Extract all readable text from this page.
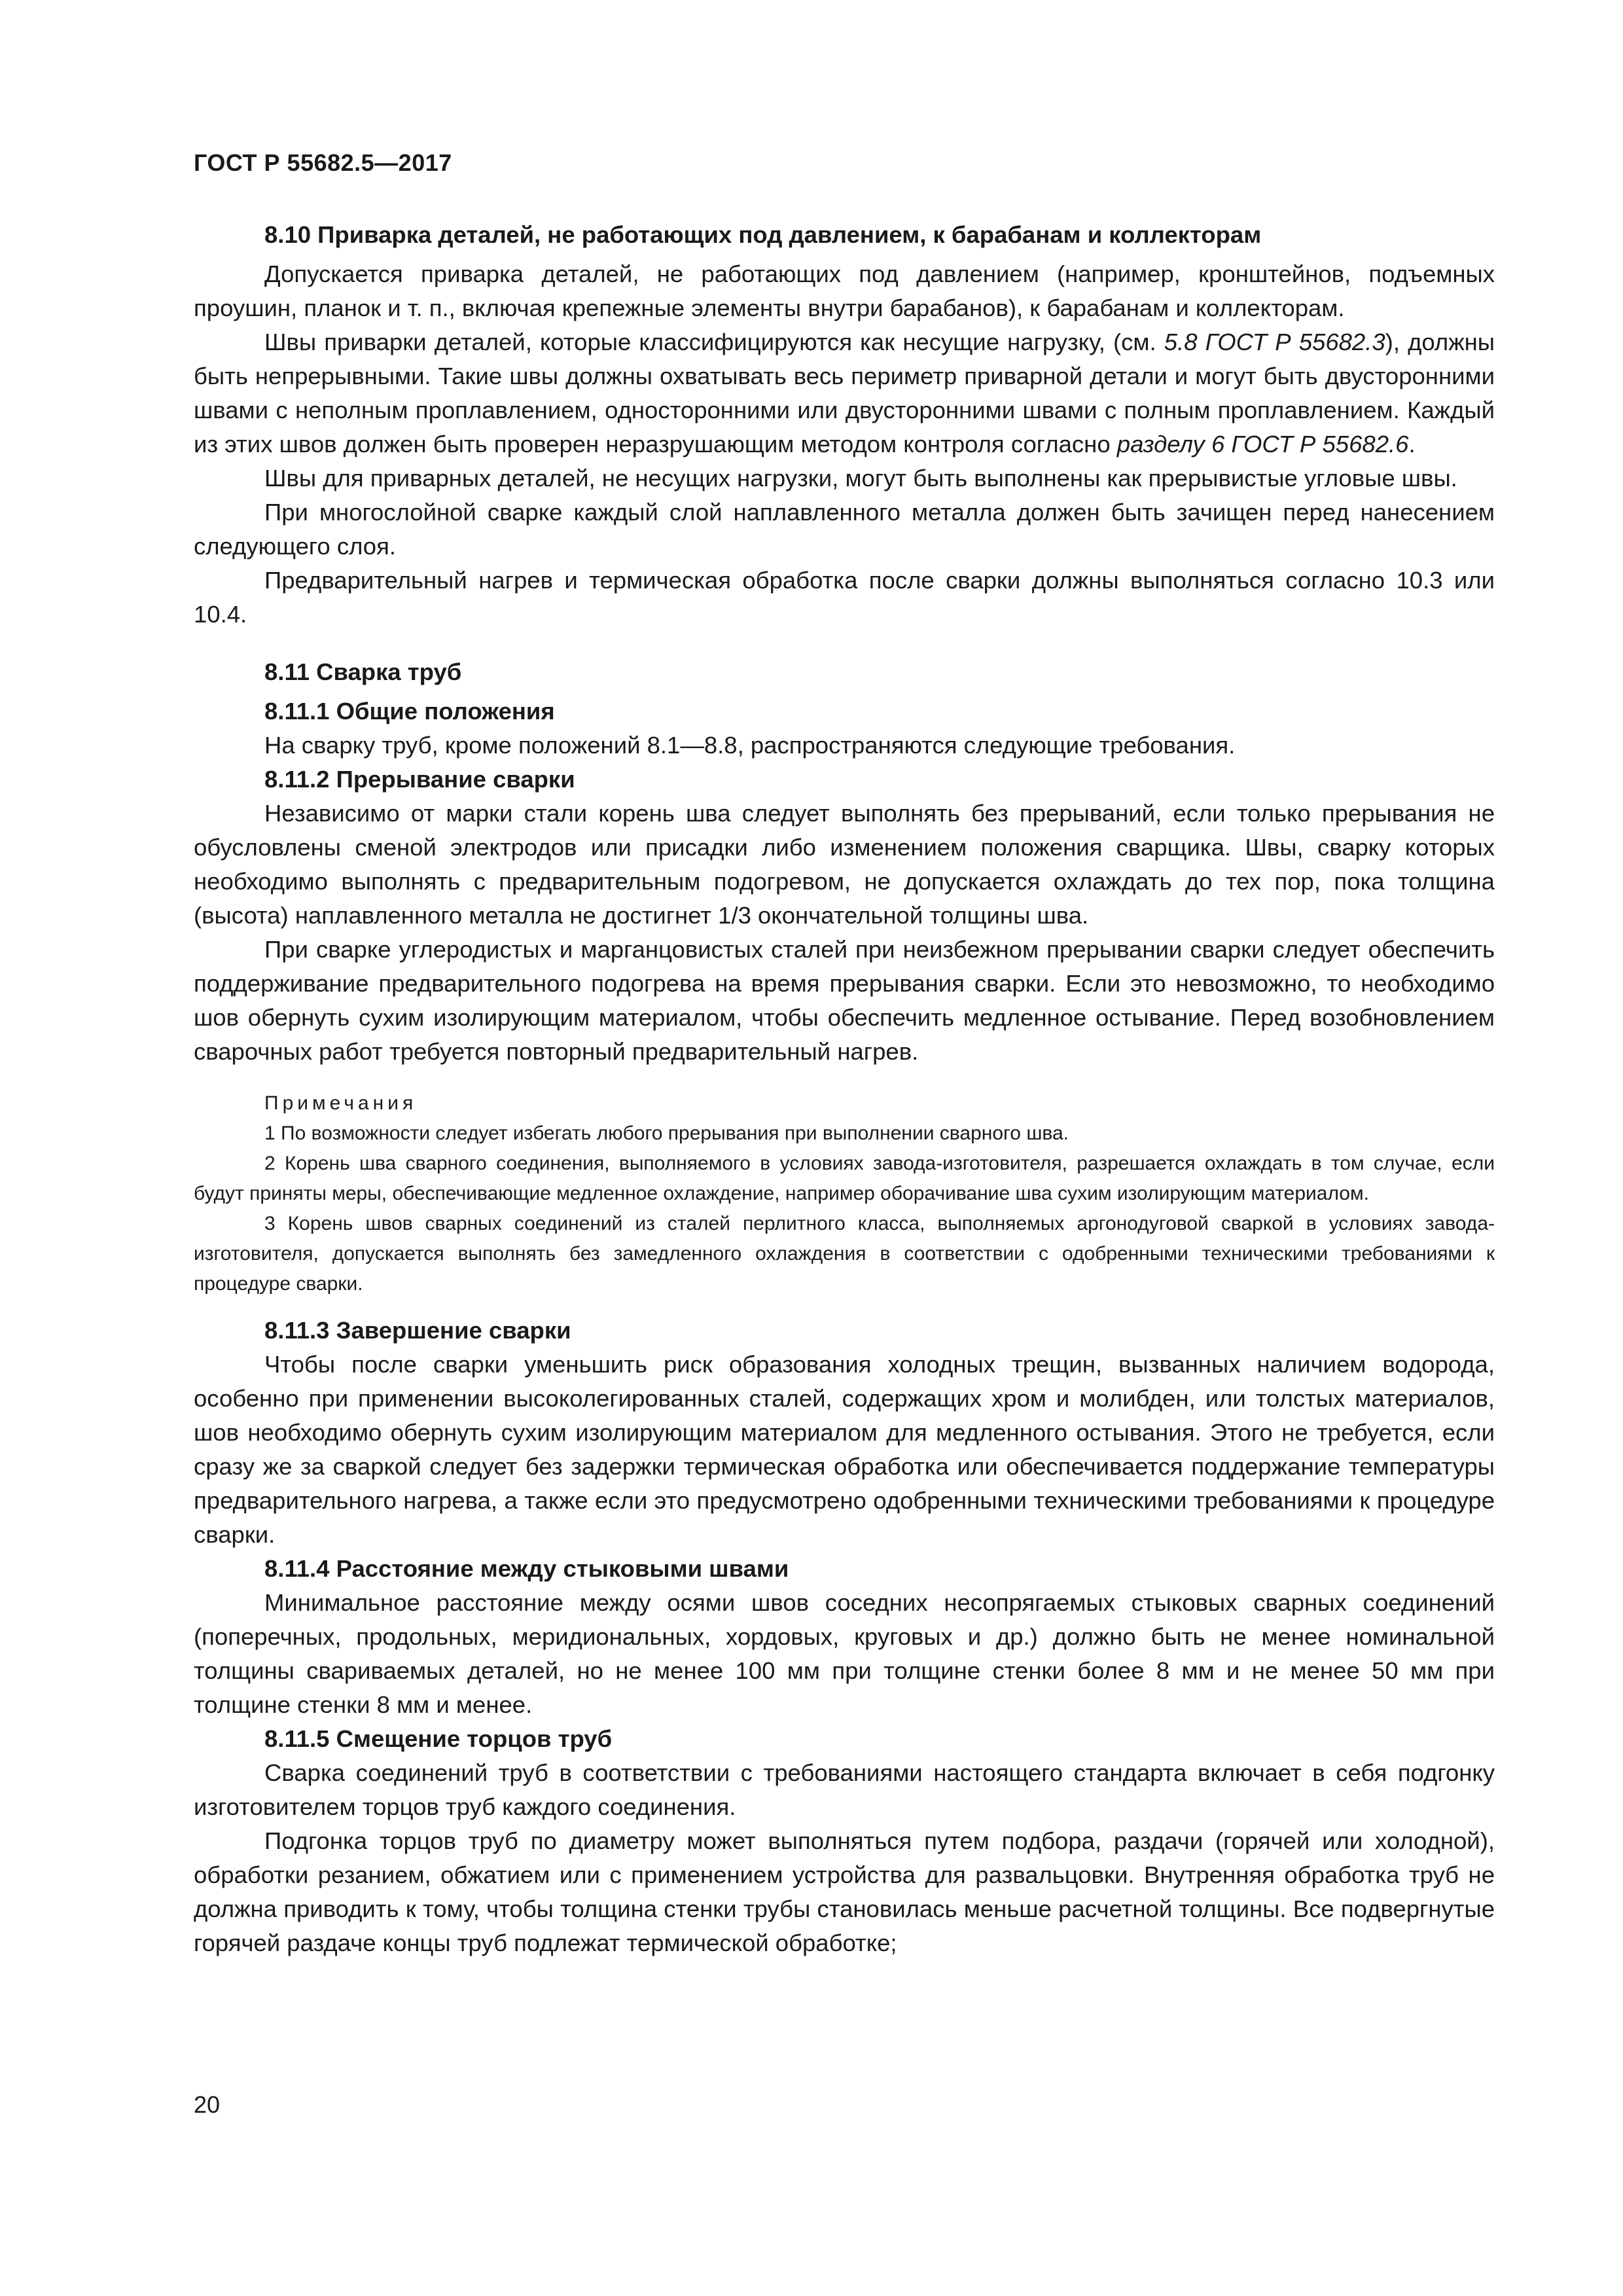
ГОСТ Р 55682.5—2017

8.10 Приварка деталей, не работающих под давлением, к барабанам и коллекторам

Допускается приварка деталей, не работающих под давлением (например, кронштейнов, подъемных проушин, планок и т. п., включая крепежные элементы внутри барабанов), к барабанам и коллекторам.

Швы приварки деталей, которые классифицируются как несущие нагрузку, (см. 5.8 ГОСТ Р 55682.3), должны быть непрерывными. Такие швы должны охватывать весь периметр приварной детали и могут быть двусторонними швами с неполным проплавлением, односторонними или двусторонними швами с полным проплавлением. Каждый из этих швов должен быть проверен неразрушающим методом контроля согласно разделу 6 ГОСТ Р 55682.6.

Швы для приварных деталей, не несущих нагрузки, могут быть выполнены как прерывистые угловые швы.

При многослойной сварке каждый слой наплавленного металла должен быть зачищен перед нанесением следующего слоя.

Предварительный нагрев и термическая обработка после сварки должны выполняться согласно 10.3 или 10.4.

8.11 Сварка труб

8.11.1 Общие положения

На сварку труб, кроме положений 8.1—8.8, распространяются следующие требования.

8.11.2 Прерывание сварки

Независимо от марки стали корень шва следует выполнять без прерываний, если только прерывания не обусловлены сменой электродов или присадки либо изменением положения сварщика. Швы, сварку которых необходимо выполнять с предварительным подогревом, не допускается охлаждать до тех пор, пока толщина (высота) наплавленного металла не достигнет 1/3 окончательной толщины шва.

При сварке углеродистых и марганцовистых сталей при неизбежном прерывании сварки следует обеспечить поддерживание предварительного подогрева на время прерывания сварки. Если это невозможно, то необходимо шов обернуть сухим изолирующим материалом, чтобы обеспечить медленное остывание. Перед возобновлением сварочных работ требуется повторный предварительный нагрев.

Примечания

1 По возможности следует избегать любого прерывания при выполнении сварного шва.

2 Корень шва сварного соединения, выполняемого в условиях завода-изготовителя, разрешается охлаждать в том случае, если будут приняты меры, обеспечивающие медленное охлаждение, например оборачивание шва сухим изолирующим материалом.

3 Корень швов сварных соединений из сталей перлитного класса, выполняемых аргонодуговой сваркой в условиях завода-изготовителя, допускается выполнять без замедленного охлаждения в соответствии с одобренными техническими требованиями к процедуре сварки.

8.11.3 Завершение сварки

Чтобы после сварки уменьшить риск образования холодных трещин, вызванных наличием водорода, особенно при применении высоколегированных сталей, содержащих хром и молибден, или толстых материалов, шов необходимо обернуть сухим изолирующим материалом для медленного остывания. Этого не требуется, если сразу же за сваркой следует без задержки термическая обработка или обеспечивается поддержание температуры предварительного нагрева, а также если это предусмотрено одобренными техническими требованиями к процедуре сварки.

8.11.4 Расстояние между стыковыми швами

Минимальное расстояние между осями швов соседних несопрягаемых стыковых сварных соединений (поперечных, продольных, меридиональных, хордовых, круговых и др.) должно быть не менее номинальной толщины свариваемых деталей, но не менее 100 мм при толщине стенки более 8 мм и не менее 50 мм при толщине стенки 8 мм и менее.

8.11.5 Смещение торцов труб

Сварка соединений труб в соответствии с требованиями настоящего стандарта включает в себя подгонку изготовителем торцов труб каждого соединения.

Подгонка торцов труб по диаметру может выполняться путем подбора, раздачи (горячей или холодной), обработки резанием, обжатием или с применением устройства для развальцовки. Внутренняя обработка труб не должна приводить к тому, чтобы толщина стенки трубы становилась меньше расчетной толщины. Все подвергнутые горячей раздаче концы труб подлежат термической обработке;

20
